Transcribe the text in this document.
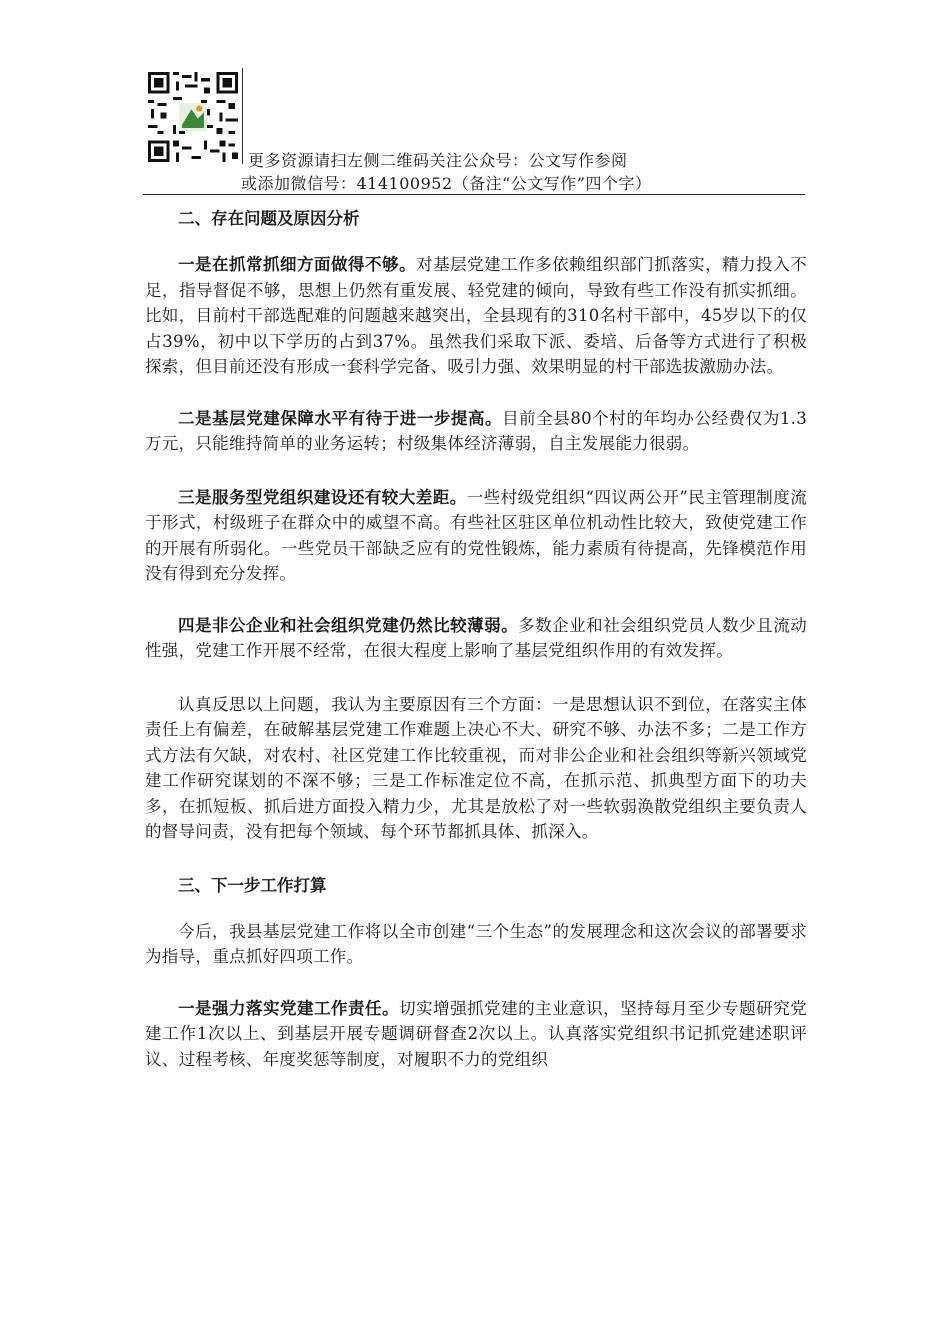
更多资源请扫左侧二维码关注公众号：公文写作参阅
或添加微信号：414100952（备注“公文写作”四个字）

二、存在问题及原因分析

一是在抓常抓细方面做得不够。对基层党建工作多依赖组织部门抓落实，精力投入不足，指导督促不够，思想上仍然有重发展、轻党建的倾向，导致有些工作没有抓实抓细。比如，目前村干部选配难的问题越来越突出，全县现有的310名村干部中，45岁以下的仅占39%，初中以下学历的占到37%。虽然我们采取下派、委培、后备等方式进行了积极探索，但目前还没有形成一套科学完备、吸引力强、效果明显的村干部选拔激励办法。

二是基层党建保障水平有待于进一步提高。目前全县80个村的年均办公经费仅为1.3万元，只能维持简单的业务运转；村级集体经济薄弱，自主发展能力很弱。

三是服务型党组织建设还有较大差距。一些村级党组织“四议两公开”民主管理制度流于形式，村级班子在群众中的威望不高。有些社区驻区单位机动性比较大，致使党建工作的开展有所弱化。一些党员干部缺乏应有的党性锻炼，能力素质有待提高，先锋模范作用没有得到充分发挥。

四是非公企业和社会组织党建仍然比较薄弱。多数企业和社会组织党员人数少且流动性强，党建工作开展不经常，在很大程度上影响了基层党组织作用的有效发挥。

认真反思以上问题，我认为主要原因有三个方面：一是思想认识不到位，在落实主体责任上有偏差，在破解基层党建工作难题上决心不大、研究不够、办法不多；二是工作方式方法有欠缺，对农村、社区党建工作比较重视，而对非公企业和社会组织等新兴领域党建工作研究谋划的不深不够；三是工作标准定位不高，在抓示范、抓典型方面下的功夫多，在抓短板、抓后进方面投入精力少，尤其是放松了对一些软弱涣散党组织主要负责人的督导问责，没有把每个领域、每个环节都抓具体、抓深入。

三、下一步工作打算

今后，我县基层党建工作将以全市创建“三个生态”的发展理念和这次会议的部署要求为指导，重点抓好四项工作。

一是强力落实党建工作责任。切实增强抓党建的主业意识，坚持每月至少专题研究党建工作1次以上、到基层开展专题调研督查2次以上。认真落实党组织书记抓党建述职评议、过程考核、年度奖惩等制度，对履职不力的党组织
